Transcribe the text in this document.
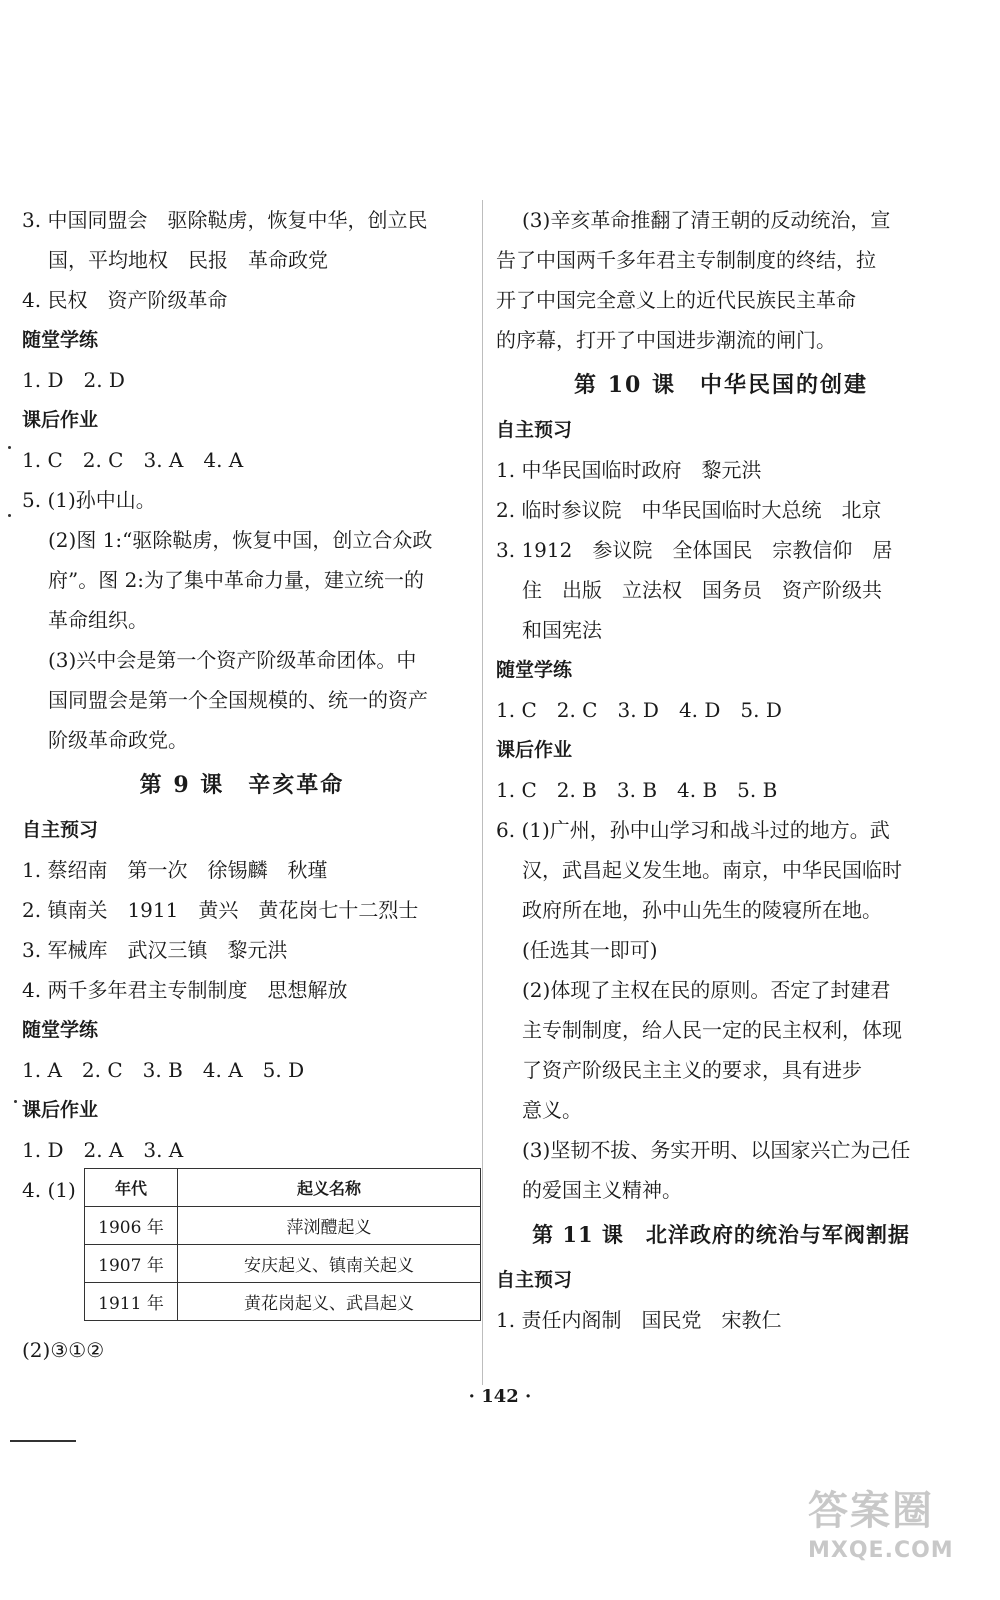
3. 中国同盟会　驱除鞑虏，恢复中华，创立民
国，平均地权　民报　革命政党
4. 民权　资产阶级革命
随堂学练
1. D　2. D
课后作业
1. C　2. C　3. A　4. A
5. (1)孙中山。
(2)图 1:“驱除鞑虏，恢复中国，创立合众政
府”。图 2:为了集中革命力量，建立统一的
革命组织。
(3)兴中会是第一个资产阶级革命团体。中
国同盟会是第一个全国规模的、统一的资产
阶级革命政党。
第 9 课　辛亥革命
自主预习
1. 蔡绍南　第一次　徐锡麟　秋瑾
2. 镇南关　1911　黄兴　黄花岗七十二烈士
3. 军械库　武汉三镇　黎元洪
4. 两千多年君主专制制度　思想解放
随堂学练
1. A　2. C　3. B　4. A　5. D
课后作业
1. D　2. A　3. A
4. (1)
(2)③①②
年代	起义名称
1906 年	萍浏醴起义
1907 年	安庆起义、镇南关起义
1911 年	黄花岗起义、武昌起义
(3)辛亥革命推翻了清王朝的反动统治，宣
告了中国两千多年君主专制制度的终结，拉
开了中国完全意义上的近代民族民主革命
的序幕，打开了中国进步潮流的闸门。
第 10 课　中华民国的创建
自主预习
1. 中华民国临时政府　黎元洪
2. 临时参议院　中华民国临时大总统　北京
3. 1912　参议院　全体国民　宗教信仰　居
住　出版　立法权　国务员　资产阶级共
和国宪法
随堂学练
1. C　2. C　3. D　4. D　5. D
课后作业
1. C　2. B　3. B　4. B　5. B
6. (1)广州，孙中山学习和战斗过的地方。武
汉，武昌起义发生地。南京，中华民国临时
政府所在地，孙中山先生的陵寝所在地。
(任选其一即可)
(2)体现了主权在民的原则。否定了封建君
主专制制度，给人民一定的民主权利，体现
了资产阶级民主主义的要求，具有进步
意义。
(3)坚韧不拔、务实开明、以国家兴亡为己任
的爱国主义精神。
第 11 课　北洋政府的统治与军阀割据
自主预习
1. 责任内阁制　国民党　宋教仁
· 142 ·
答案圈
MXQE.COM
